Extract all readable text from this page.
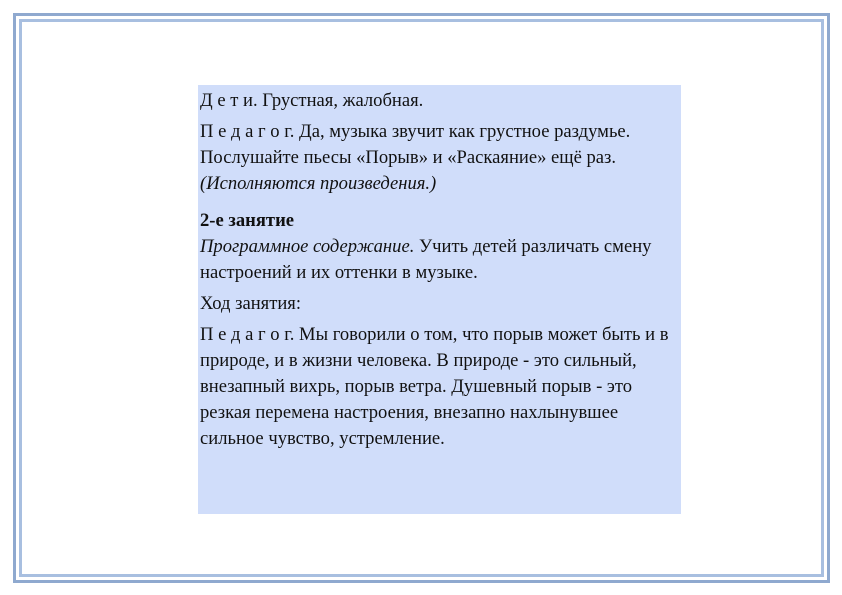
Д е т и. Грустная, жалобная.

П е д а г о г. Да, музыка звучит как грустное раздумье. Послушайте пьесы «Порыв» и «Раскаяние» ещё раз. (Исполняются произведения.)

2-е занятие

Программное содержание. Учить детей различать смену настроений и их оттенки в музыке.

Ход занятия:

П е д а г о г. Мы говорили о том, что порыв может быть и в природе, и в жизни человека. В природе - это сильный, внезапный вихрь, порыв ветра. Душевный порыв - это резкая перемена настроения, внезапно нахлынувшее сильное чувство, устремление.
